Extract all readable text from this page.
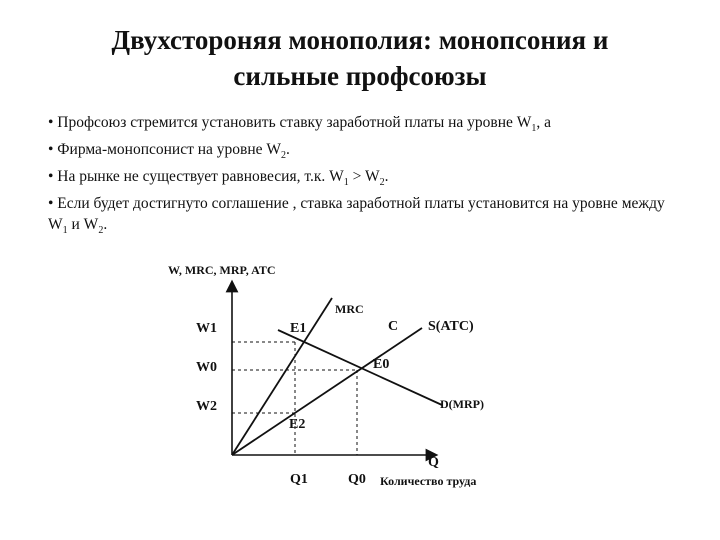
Двухстороняя монополия: монопсония и
сильные профсоюзы

• Профсоюз стремится установить ставку заработной платы на уровне $W_1$, а

• Фирма-монопсонист на уровне $W_2$.

• На рынке не существует равновесия, т.к. $W_1 > W_2$.

• Если будет достигнуто соглашение , ставка заработной платы установится на уровне между $W_1$ и $W_2$.

W, MRC, MRP, ATC
Q
Количество труда
W1
W0
W2
Q1	Q0
MRC
C S(ATC)
D(MRP)
E1
E0
E2
